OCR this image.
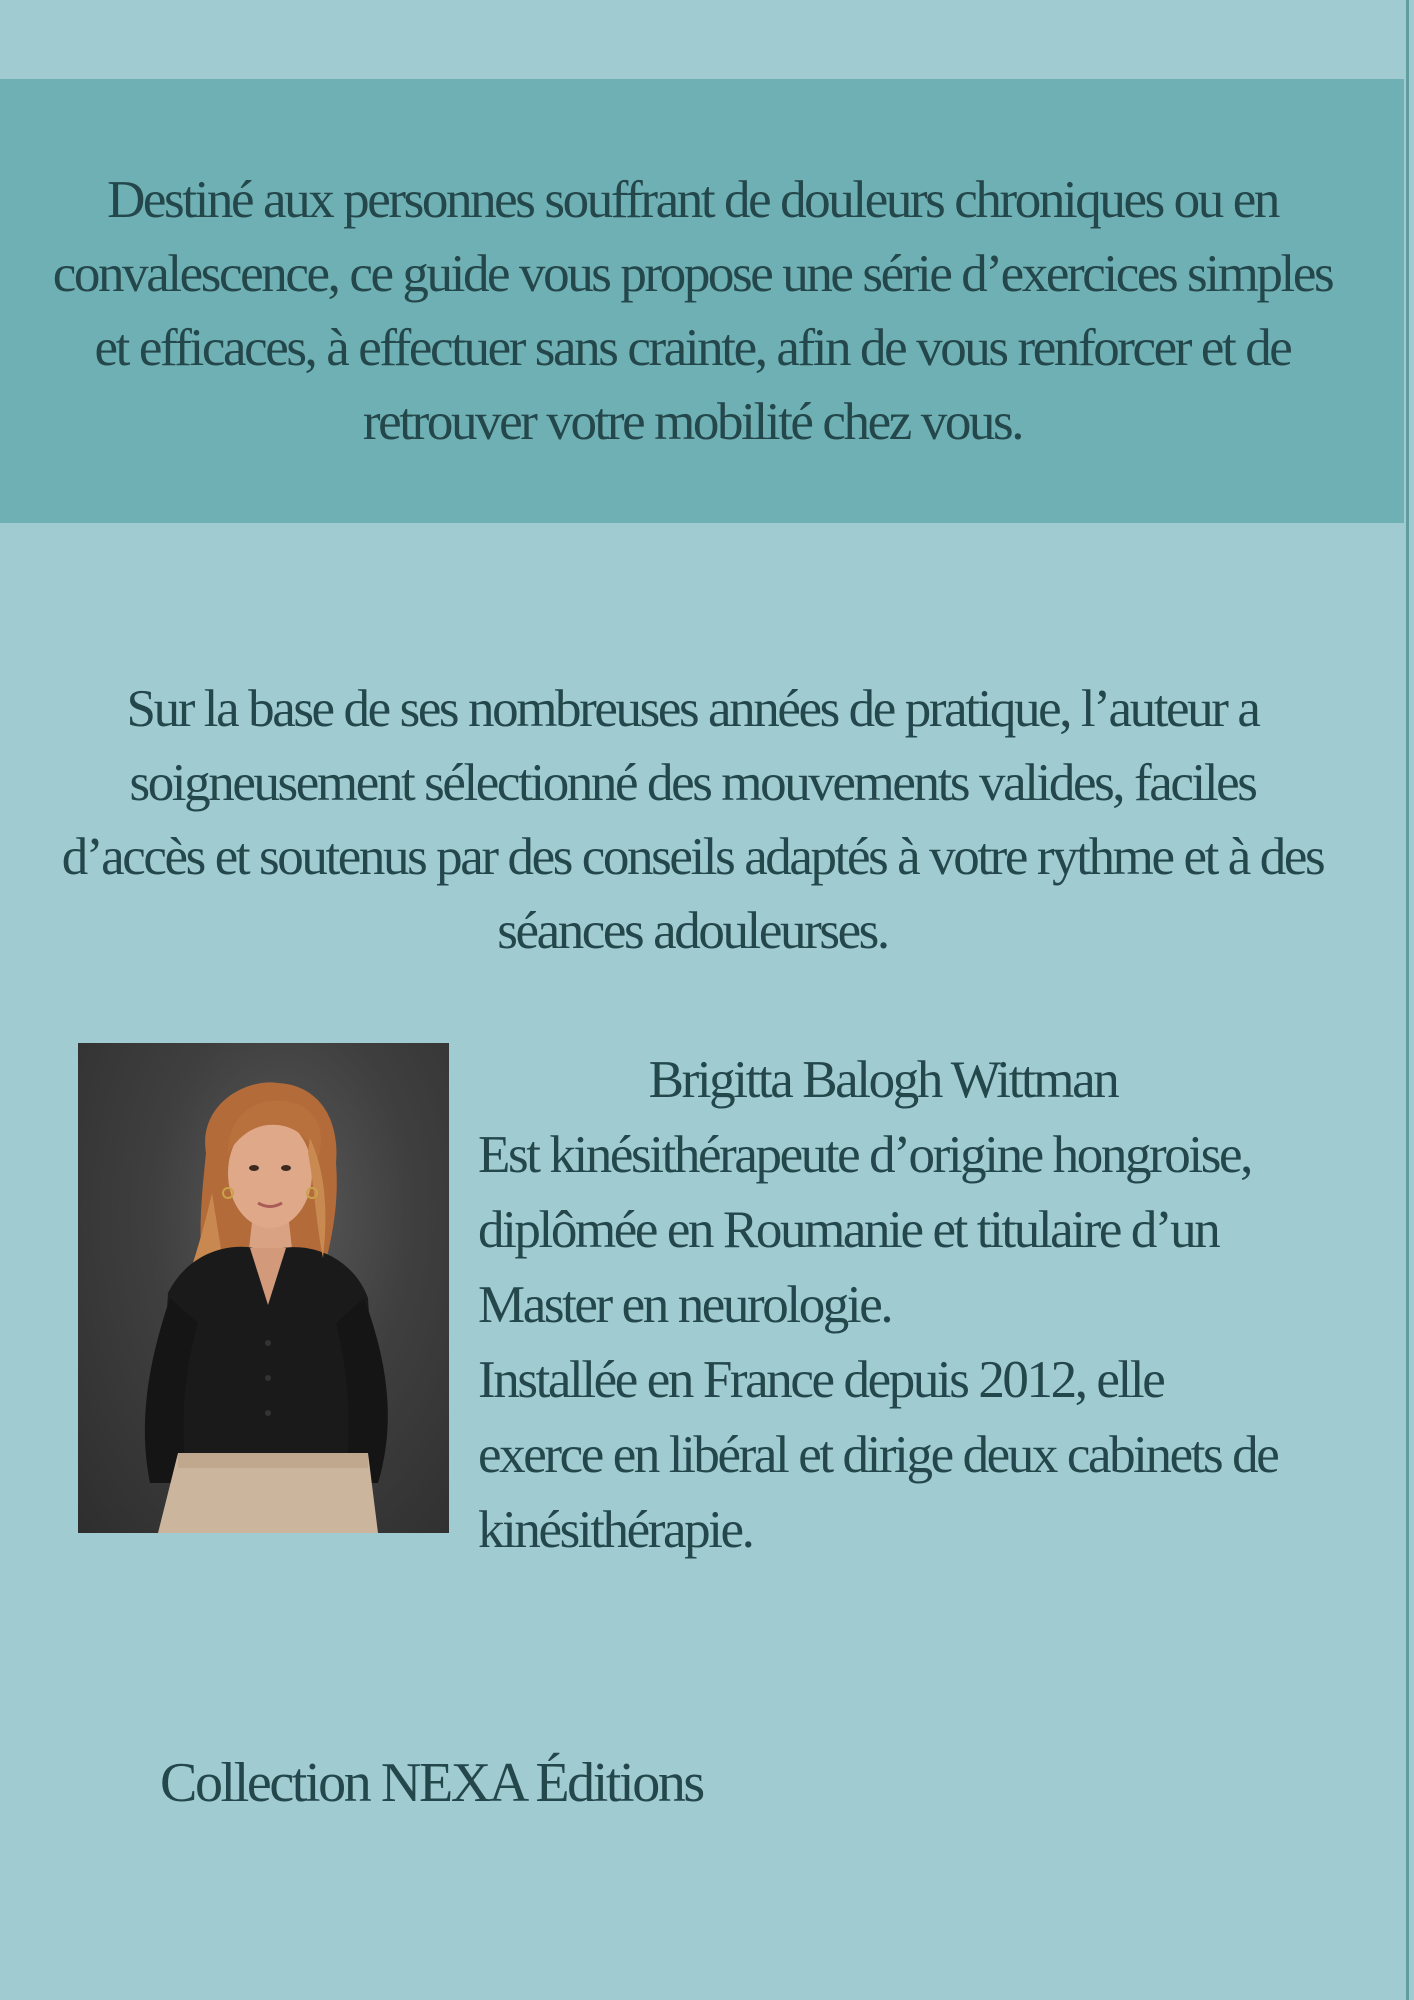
Destiné aux personnes souffrant de douleurs chroniques ou en convalescence, ce guide vous propose une série d’exercices simples et efficaces, à effectuer sans crainte, afin de vous renforcer et de retrouver votre mobilité chez vous.

Sur la base de ses nombreuses années de pratique, l’auteur a soigneusement sélectionné des mouvements valides, faciles d’accès et soutenus par des conseils adaptés à votre rythme et à des séances adouleurses.

Brigitta Balogh Wittman

Est kinésithérapeute d’origine hongroise,
diplômée en Roumanie et titulaire d’un
Master en neurologie.
Installée en France depuis 2012, elle
exerce en libéral et dirige deux cabinets de
kinésithérapie.

Collection NEXA Éditions
